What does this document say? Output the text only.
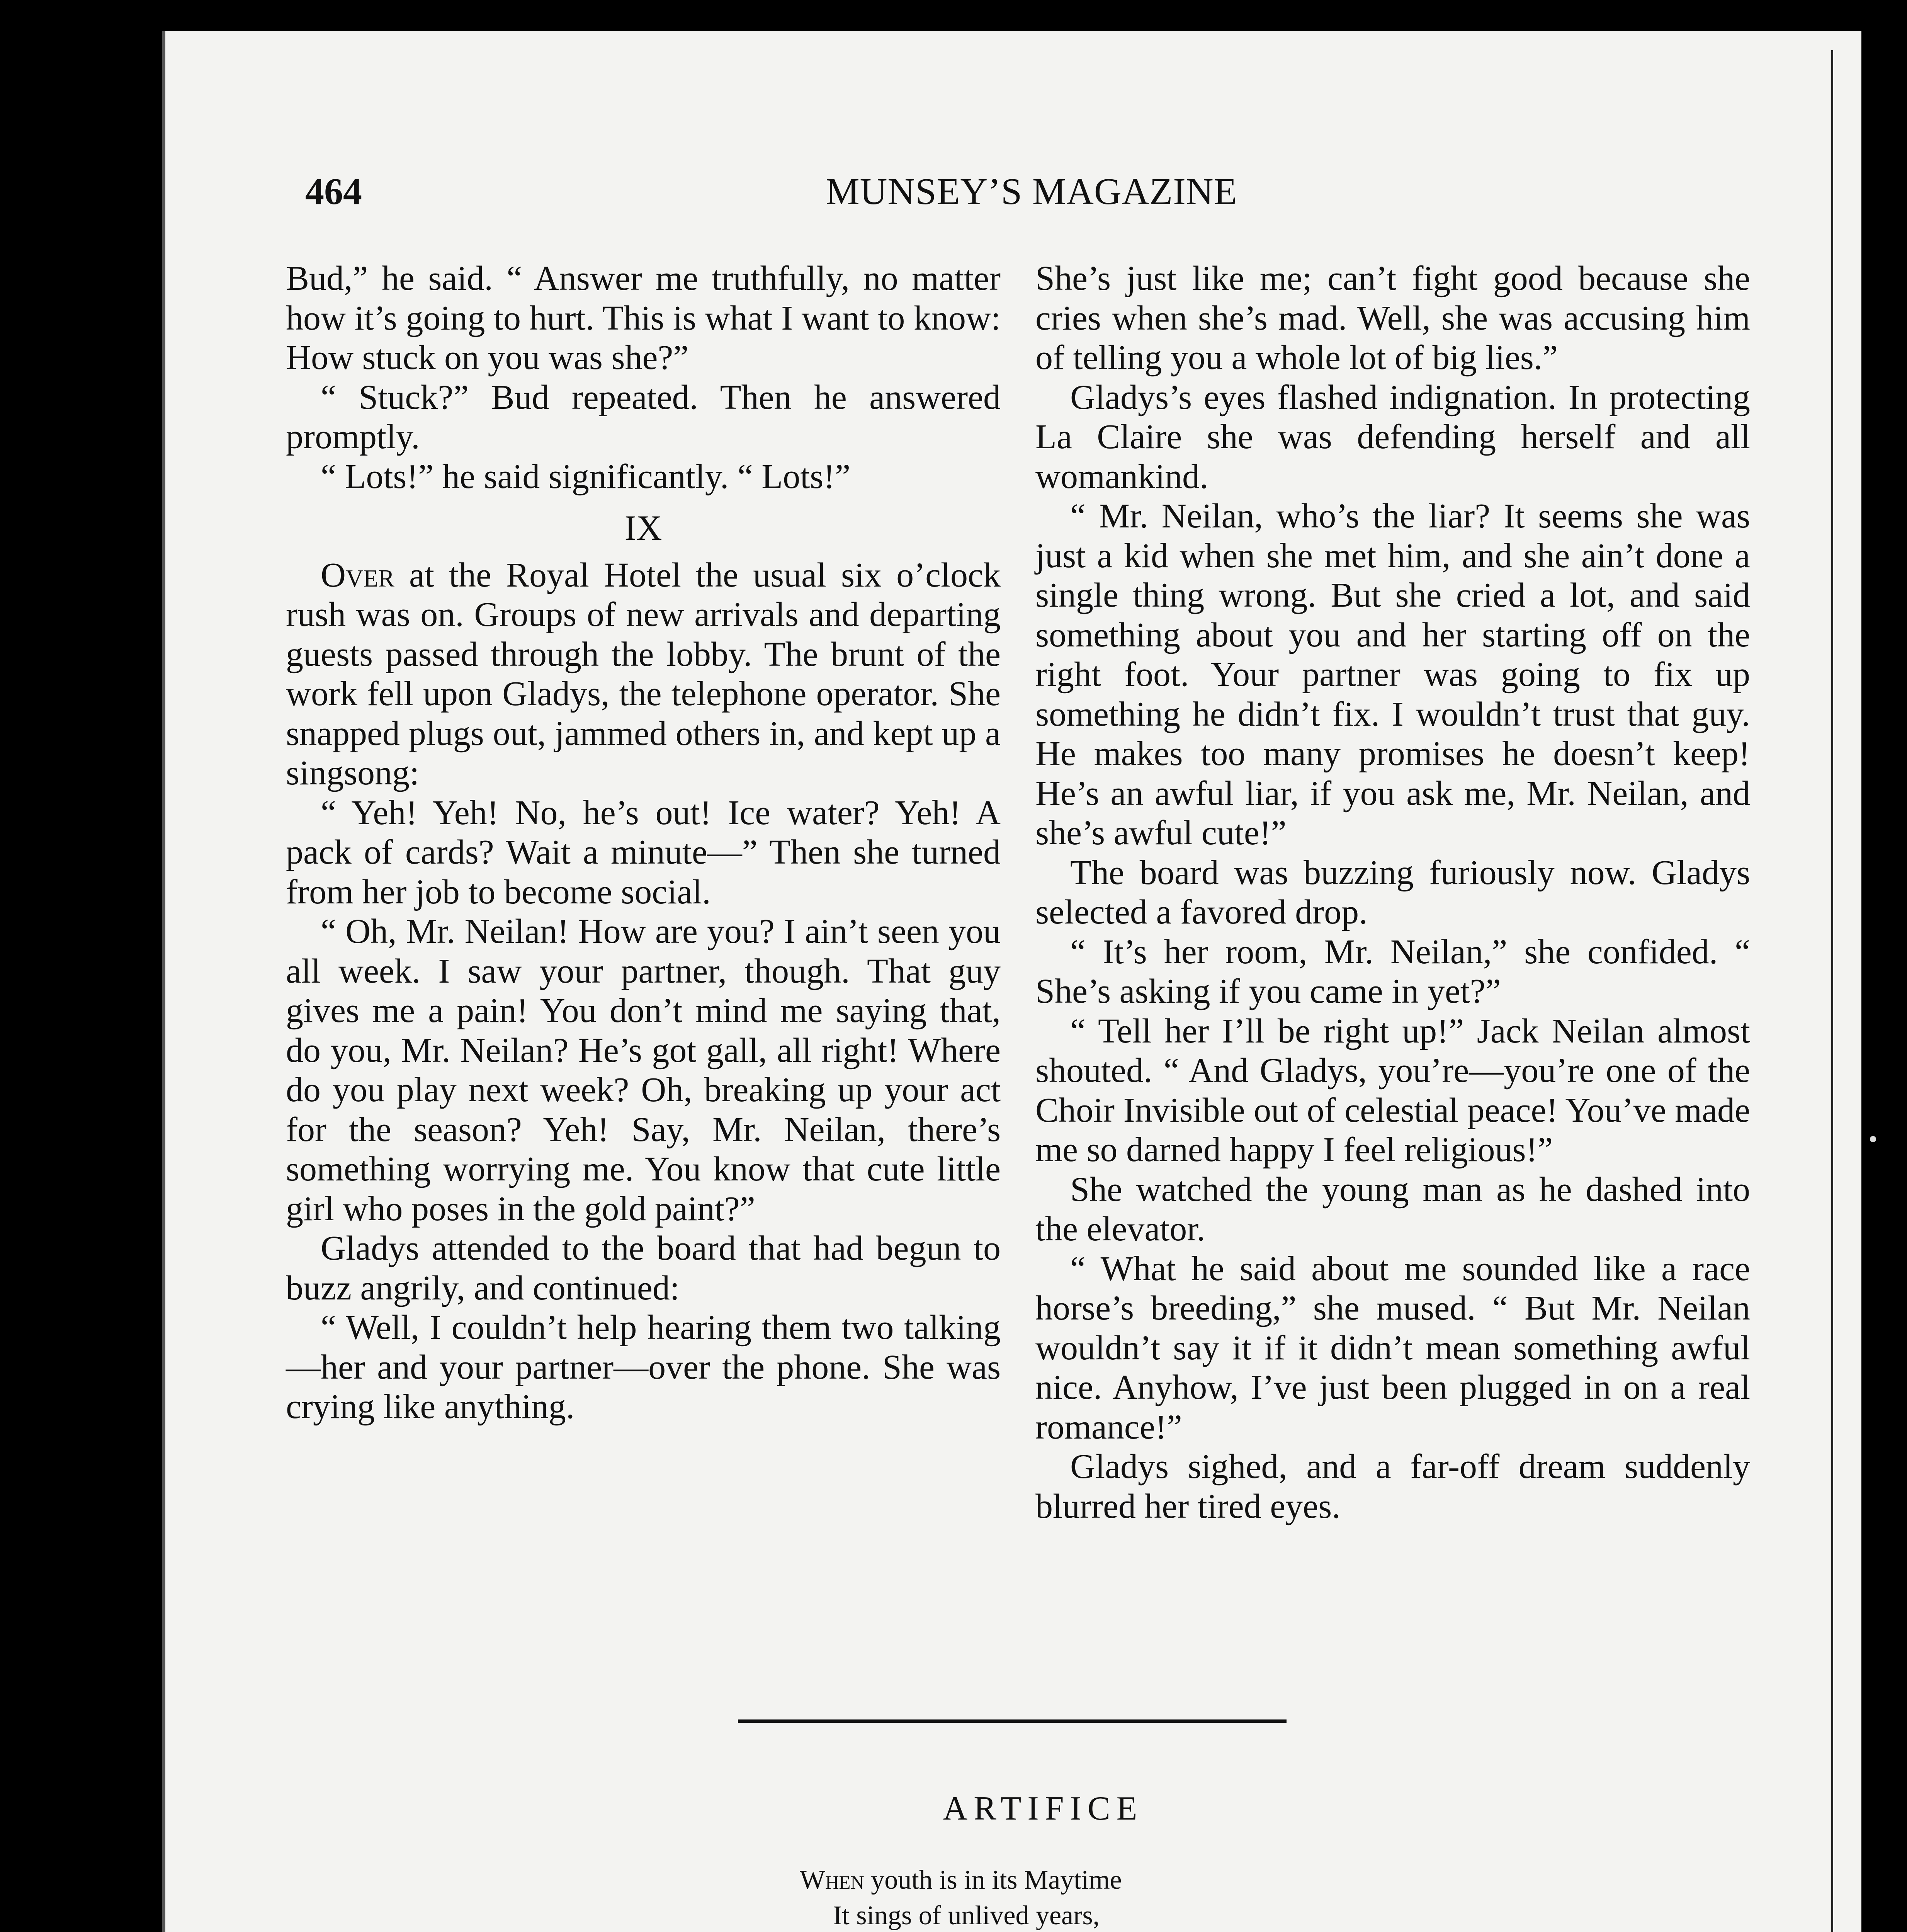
464	MUNSEY’S MAGAZINE

Bud,” he said. “ Answer me truthfully, no matter how it’s going to hurt. This is what I want to know: How stuck on you was she?”

“ Stuck?” Bud repeated. Then he answered promptly.

“ Lots!” he said significantly. “ Lots!”

IX

Over at the Royal Hotel the usual six o’clock rush was on. Groups of new arrivals and departing guests passed through the lobby. The brunt of the work fell upon Gladys, the telephone operator. She snapped plugs out, jammed others in, and kept up a singsong:

“ Yeh! Yeh! No, he’s out! Ice water? Yeh! A pack of cards? Wait a minute—” Then she turned from her job to become social.

“ Oh, Mr. Neilan! How are you? I ain’t seen you all week. I saw your partner, though. That guy gives me a pain! You don’t mind me saying that, do you, Mr. Neilan? He’s got gall, all right! Where do you play next week? Oh, breaking up your act for the season? Yeh! Say, Mr. Neilan, there’s something worrying me. You know that cute little girl who poses in the gold paint?”

Gladys attended to the board that had begun to buzz angrily, and continued:

“ Well, I couldn’t help hearing them two talking—her and your partner—over the phone. She was crying like anything.

She’s just like me; can’t fight good because she cries when she’s mad. Well, she was accusing him of telling you a whole lot of big lies.”

Gladys’s eyes flashed indignation. In protecting La Claire she was defending herself and all womankind.

“ Mr. Neilan, who’s the liar? It seems she was just a kid when she met him, and she ain’t done a single thing wrong. But she cried a lot, and said something about you and her starting off on the right foot. Your partner was going to fix up something he didn’t fix. I wouldn’t trust that guy. He makes too many promises he doesn’t keep! He’s an awful liar, if you ask me, Mr. Neilan, and she’s awful cute!”

The board was buzzing furiously now. Gladys selected a favored drop.

“ It’s her room, Mr. Neilan,” she confided. “ She’s asking if you came in yet?”

“ Tell her I’ll be right up!” Jack Neilan almost shouted. “ And Gladys, you’re—you’re one of the Choir Invisible out of celestial peace! You’ve made me so darned happy I feel religious!”

She watched the young man as he dashed into the elevator.

“ What he said about me sounded like a race horse’s breeding,” she mused. “ But Mr. Neilan wouldn’t say it if it didn’t mean something awful nice. Anyhow, I’ve just been plugged in on a real romance!”

Gladys sighed, and a far-off dream suddenly blurred her tired eyes.

ARTIFICE
When youth is in its Maytime
It sings of unlived years,
